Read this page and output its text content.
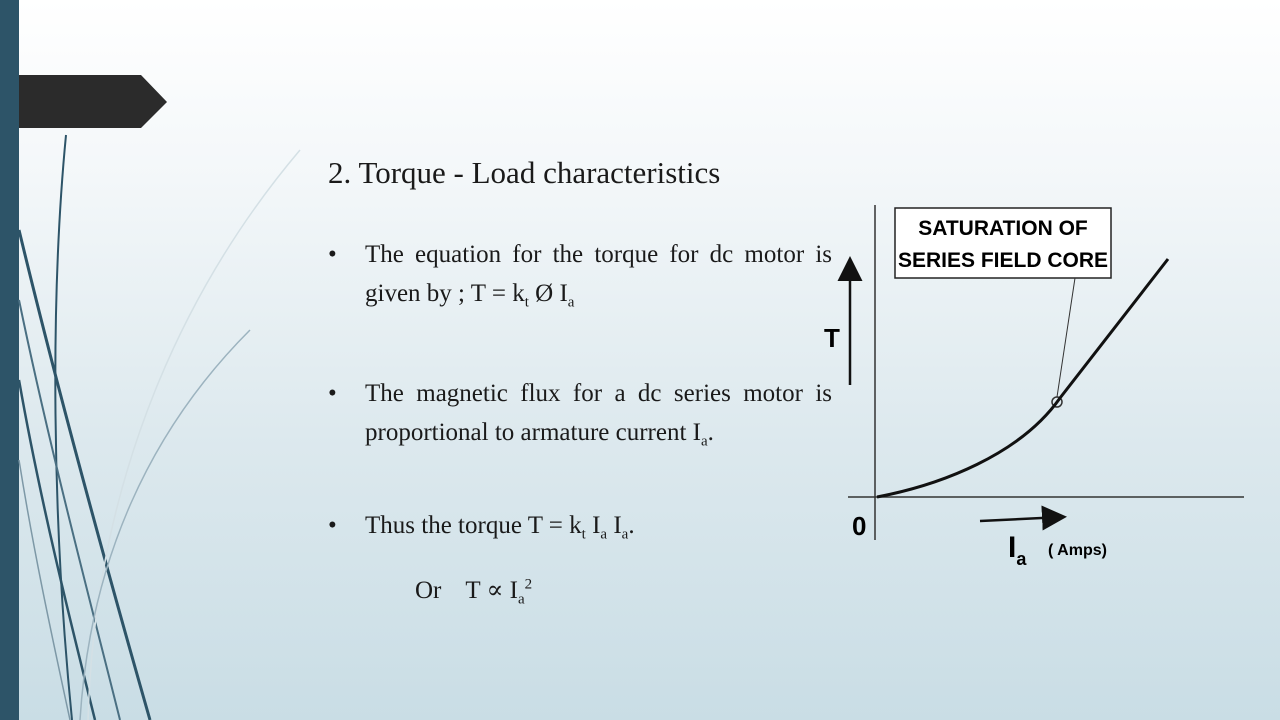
2. Torque - Load characteristics
• The equation for the torque for dc motor is given by ; $T = k_t$ Ø $I_a$
• The magnetic flux for a dc series motor is proportional to armature current $I_a$.
• Thus the torque $T = k_t$ $I_a$ $I_a$.
Or $T \propto I_a^2$
T
0
$I_a$ ( Amps)
SATURATION OF
SERIES FIELD CORE
